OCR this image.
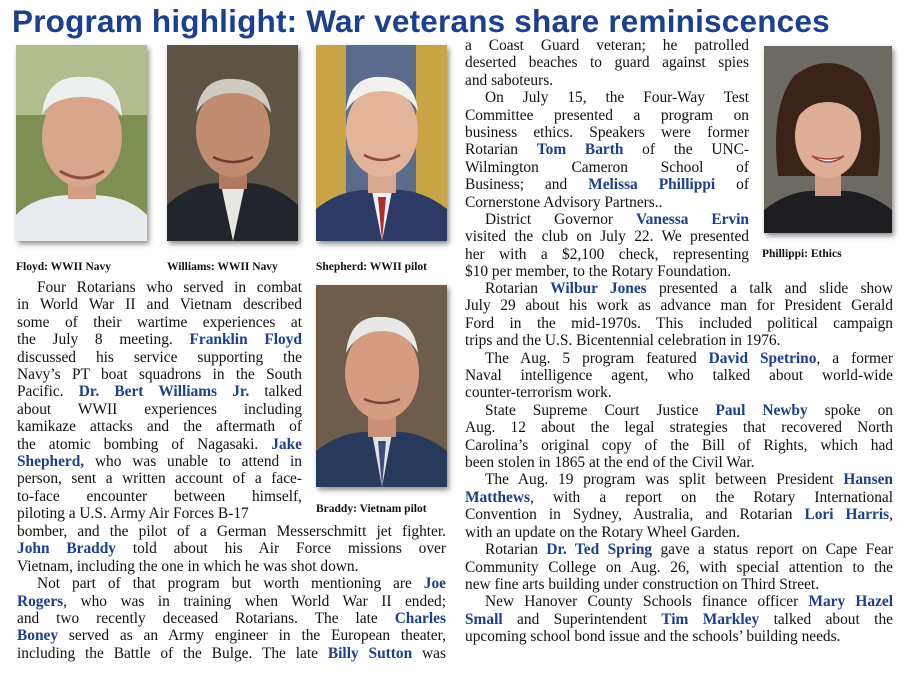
Program highlight: War veterans share reminiscences
Floyd: WWII Navy	Williams: WWII Navy	Shepherd: WWII pilot
Braddy: Vietnam pilot
Phillippi: Ethics
Four Rotarians who served in combat
in World War II and Vietnam described
some of their wartime experiences at
the July 8 meeting. Franklin Floyd
discussed his service supporting the
Navy’s PT boat squadrons in the South
Pacific. Dr. Bert Williams Jr. talked
about WWII experiences including
kamikaze attacks and the aftermath of
the atomic bombing of Nagasaki. Jake
Shepherd, who was unable to attend in
person, sent a written account of a face-
to-face encounter between himself,
piloting a U.S. Army Air Forces B-17
bomber, and the pilot of a German Messerschmitt jet fighter.
John Braddy told about his Air Force missions over
Vietnam, including the one in which he was shot down.
Not part of that program but worth mentioning are Joe
Rogers, who was in training when World War II ended;
and two recently deceased Rotarians. The late Charles
Boney served as an Army engineer in the European theater,
including the Battle of the Bulge. The late Billy Sutton was
a Coast Guard veteran; he patrolled
deserted beaches to guard against spies
and saboteurs.
On July 15, the Four-Way Test
Committee presented a program on
business ethics. Speakers were former
Rotarian Tom Barth of the UNC-
Wilmington Cameron School of
Business; and Melissa Phillippi of
Cornerstone Advisory Partners..
District Governor Vanessa Ervin
visited the club on July 22. We presented
her with a $2,100 check, representing
$10 per member, to the Rotary Foundation.
Rotarian Wilbur Jones presented a talk and slide show
July 29 about his work as advance man for President Gerald
Ford in the mid-1970s. This included political campaign
trips and the U.S. Bicentennial celebration in 1976.
The Aug. 5 program featured David Spetrino, a former
Naval intelligence agent, who talked about world-wide
counter-terrorism work.
State Supreme Court Justice Paul Newby spoke on
Aug. 12 about the legal strategies that recovered North
Carolina’s original copy of the Bill of Rights, which had
been stolen in 1865 at the end of the Civil War.
The Aug. 19 program was split between President Hansen
Matthews, with a report on the Rotary International
Convention in Sydney, Australia, and Rotarian Lori Harris,
with an update on the Rotary Wheel Garden.
Rotarian Dr. Ted Spring gave a status report on Cape Fear
Community College on Aug. 26, with special attention to the
new fine arts building under construction on Third Street.
New Hanover County Schools finance officer Mary Hazel
Small and Superintendent Tim Markley talked about the
upcoming school bond issue and the schools’ building needs.
